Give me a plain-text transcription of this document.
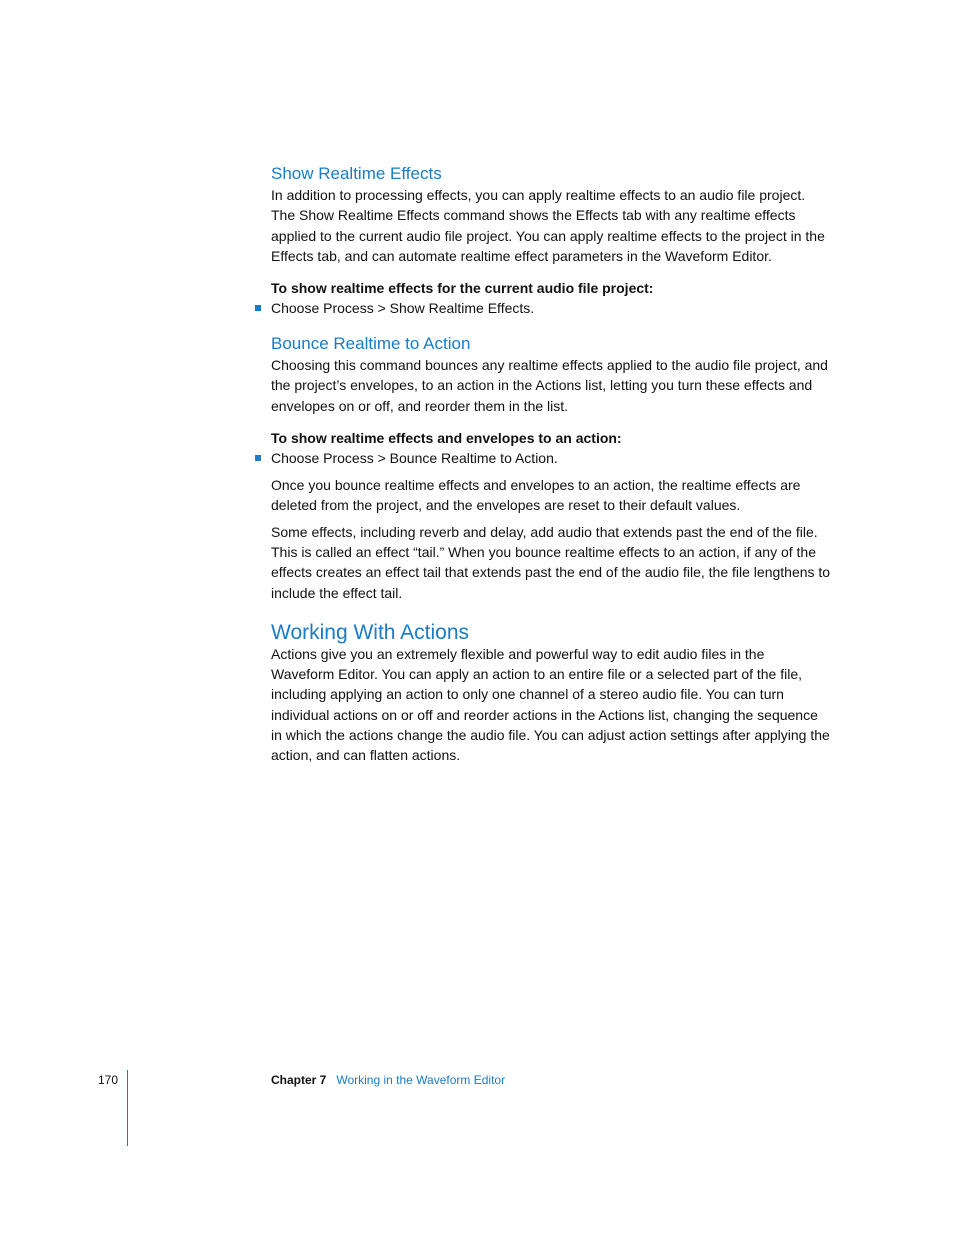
Show Realtime Effects

In addition to processing effects, you can apply realtime effects to an audio file project. The Show Realtime Effects command shows the Effects tab with any realtime effects applied to the current audio file project. You can apply realtime effects to the project in the Effects tab, and can automate realtime effect parameters in the Waveform Editor.

To show realtime effects for the current audio file project:

Choose Process > Show Realtime Effects.
Bounce Realtime to Action

Choosing this command bounces any realtime effects applied to the audio file project, and the project’s envelopes, to an action in the Actions list, letting you turn these effects and envelopes on or off, and reorder them in the list.

To show realtime effects and envelopes to an action:

Choose Process > Bounce Realtime to Action.

Once you bounce realtime effects and envelopes to an action, the realtime effects are deleted from the project, and the envelopes are reset to their default values.

Some effects, including reverb and delay, add audio that extends past the end of the file. This is called an effect “tail.” When you bounce realtime effects to an action, if any of the effects creates an effect tail that extends past the end of the audio file, the file lengthens to include the effect tail.

Working With Actions

Actions give you an extremely flexible and powerful way to edit audio files in the Waveform Editor. You can apply an action to an entire file or a selected part of the file, including applying an action to only one channel of a stereo audio file. You can turn individual actions on or off and reorder actions in the Actions list, changing the sequence in which the actions change the audio file. You can adjust action settings after applying the action, and can flatten actions.

170	Chapter 7 Working in the Waveform Editor
